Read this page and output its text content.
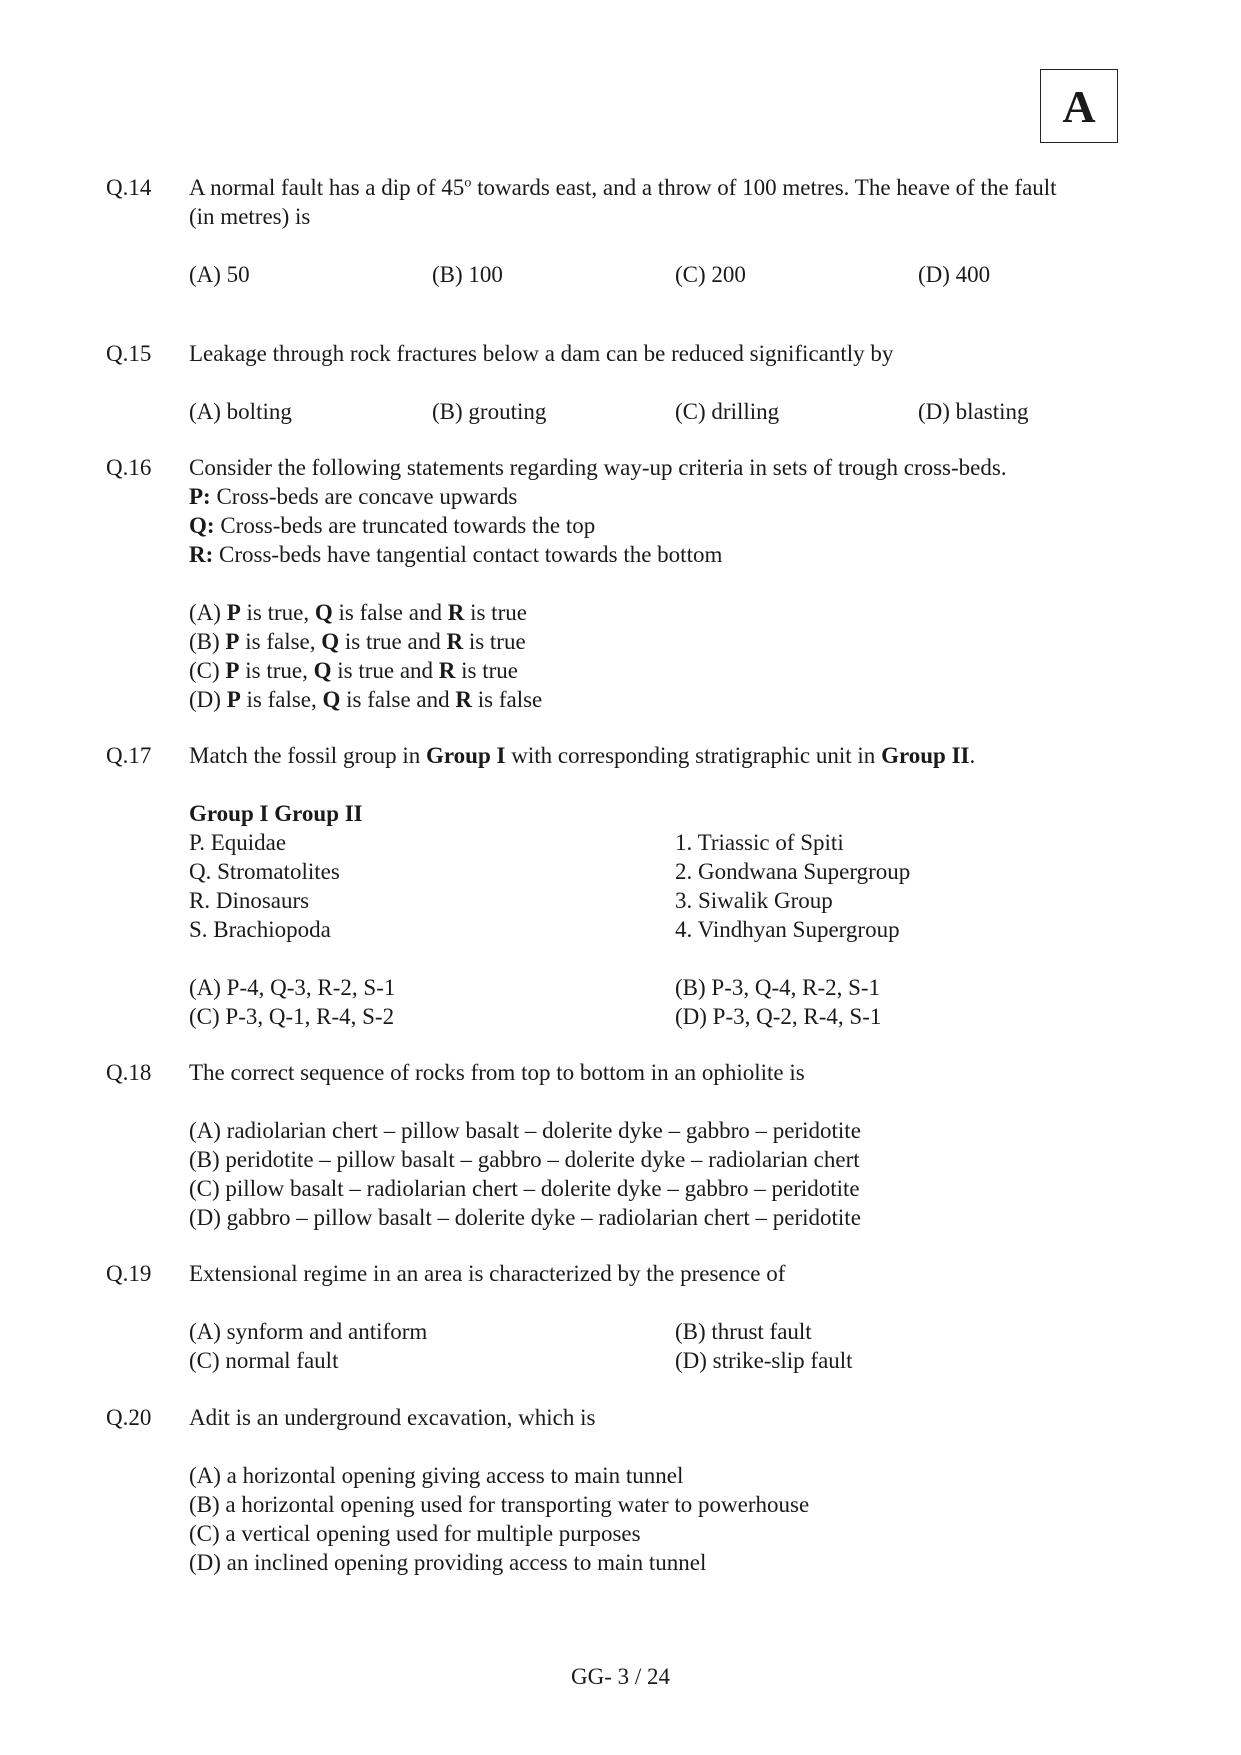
A
Q.14 A normal fault has a dip of 45$^o$ towards east, and a throw of 100 metres. The heave of the fault
(in metres) is
(A) 50	(B) 100	(C) 200	(D) 400
Q.15 Leakage through rock fractures below a dam can be reduced significantly by
(A) bolting	(B) grouting	(C) drilling	(D) blasting
Q.16 Consider the following statements regarding way-up criteria in sets of trough cross-beds.
P: Cross-beds are concave upwards
Q: Cross-beds are truncated towards the top
R: Cross-beds have tangential contact towards the bottom
(A) P is true, Q is false and R is true
(B) P is false, Q is true and R is true
(C) P is true, Q is true and R is true
(D) P is false, Q is false and R is false
Q.17 Match the fossil group in Group I with corresponding stratigraphic unit in Group II.
Group I Group II
P. Equidae	1. Triassic of Spiti
Q. Stromatolites	2. Gondwana Supergroup
R. Dinosaurs	3. Siwalik Group
S. Brachiopoda	4. Vindhyan Supergroup
(A) P-4, Q-3, R-2, S-1	(B) P-3, Q-4, R-2, S-1
(C) P-3, Q-1, R-4, S-2	(D) P-3, Q-2, R-4, S-1
Q.18 The correct sequence of rocks from top to bottom in an ophiolite is
(A) radiolarian chert – pillow basalt – dolerite dyke – gabbro – peridotite
(B) peridotite – pillow basalt – gabbro – dolerite dyke – radiolarian chert
(C) pillow basalt – radiolarian chert – dolerite dyke – gabbro – peridotite
(D) gabbro – pillow basalt – dolerite dyke – radiolarian chert – peridotite
Q.19 Extensional regime in an area is characterized by the presence of
(A) synform and antiform	(B) thrust fault
(C) normal fault	(D) strike-slip fault
Q.20 Adit is an underground excavation, which is
(A) a horizontal opening giving access to main tunnel
(B) a horizontal opening used for transporting water to powerhouse
(C) a vertical opening used for multiple purposes
(D) an inclined opening providing access to main tunnel
GG- 3 / 24
